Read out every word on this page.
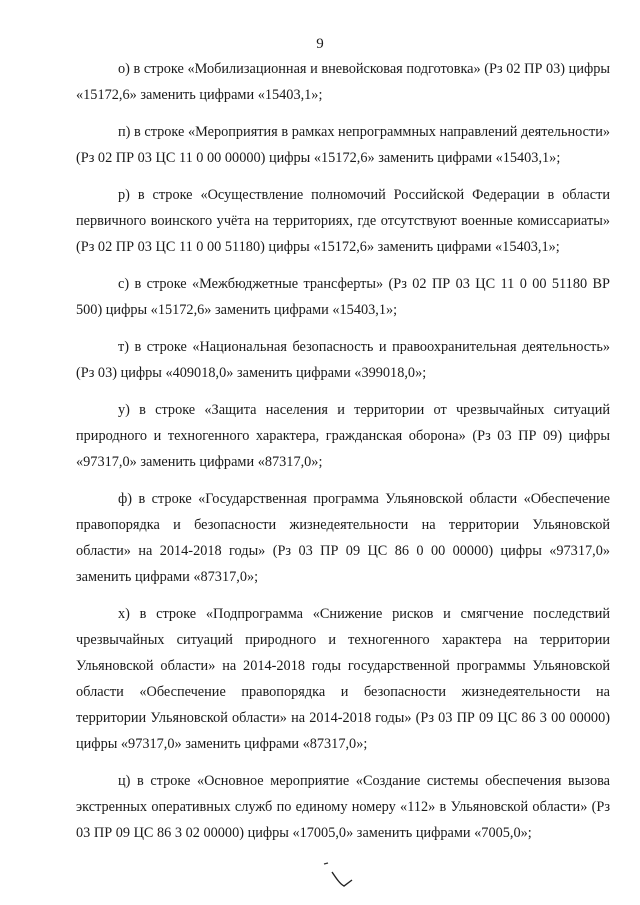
9

о) в строке «Мобилизационная и вневойсковая подготовка» (Рз 02 ПР 03) цифры «15172,6» заменить цифрами «15403,1»;

п) в строке «Мероприятия в рамках непрограммных направлений деятельности» (Рз 02 ПР 03 ЦС 11 0 00 00000) цифры «15172,6» заменить цифрами «15403,1»;

р) в строке «Осуществление полномочий Российской Федерации в области первичного воинского учёта на территориях, где отсутствуют военные комиссариаты» (Рз 02 ПР 03 ЦС 11 0 00 51180) цифры «15172,6» заменить цифрами «15403,1»;

с) в строке «Межбюджетные трансферты» (Рз 02 ПР 03 ЦС 11 0 00 51180 ВР 500) цифры «15172,6» заменить цифрами «15403,1»;

т) в строке «Национальная безопасность и правоохранительная деятельность» (Рз 03) цифры «409018,0» заменить цифрами «399018,0»;

у) в строке «Защита населения и территории от чрезвычайных ситуаций природного и техногенного характера, гражданская оборона» (Рз 03 ПР 09) цифры «97317,0» заменить цифрами «87317,0»;

ф) в строке «Государственная программа Ульяновской области «Обеспечение правопорядка и безопасности жизнедеятельности на территории Ульяновской области» на 2014-2018 годы» (Рз 03 ПР 09 ЦС 86 0 00 00000) цифры «97317,0» заменить цифрами «87317,0»;

х) в строке «Подпрограмма «Снижение рисков и смягчение последствий чрезвычайных ситуаций природного и техногенного характера на территории Ульяновской области» на 2014-2018 годы государственной программы Ульяновской области «Обеспечение правопорядка и безопасности жизнедеятельности на территории Ульяновской области» на 2014-2018 годы» (Рз 03 ПР 09 ЦС 86 3 00 00000) цифры «97317,0» заменить цифрами «87317,0»;

ц) в строке «Основное мероприятие «Создание системы обеспечения вызова экстренных оперативных служб по единому номеру «112» в Ульяновской области» (Рз 03 ПР 09 ЦС 86 3 02 00000) цифры «17005,0» заменить цифрами «7005,0»;
